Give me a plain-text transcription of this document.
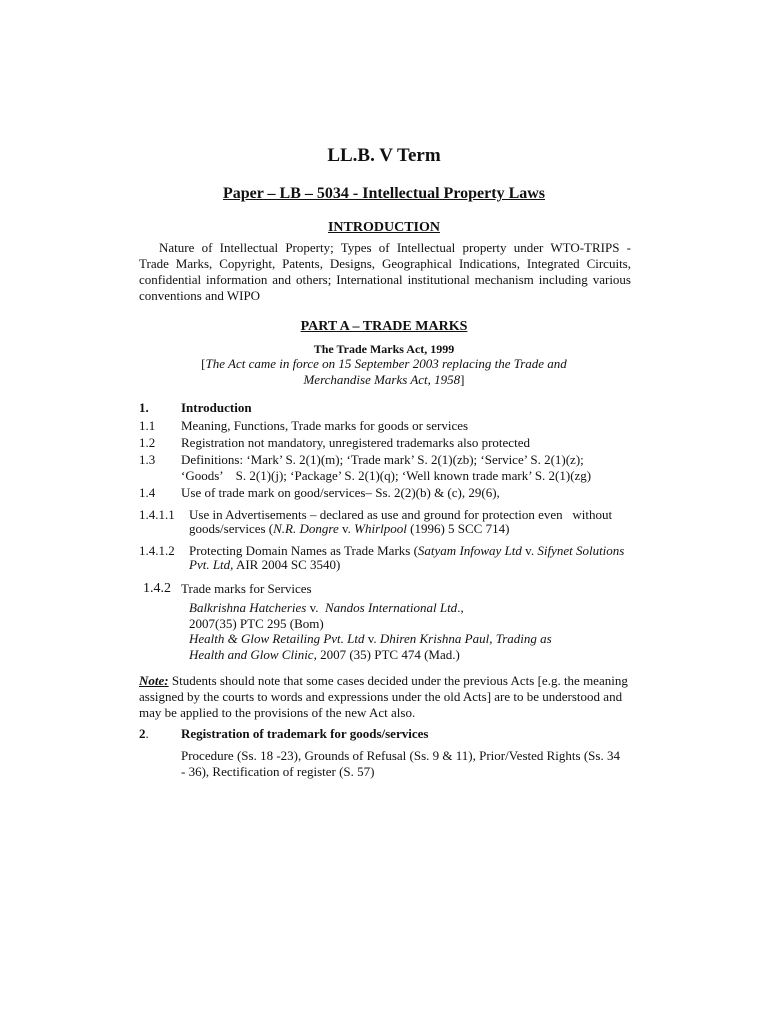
LL.B. V Term
Paper – LB – 5034 - Intellectual Property Laws
INTRODUCTION
Nature of Intellectual Property; Types of Intellectual property under WTO-TRIPS -
Trade Marks, Copyright, Patents, Designs, Geographical Indications, Integrated Circuits,
confidential information and others; International institutional mechanism including various
conventions and WIPO
PART A – TRADE MARKS
The Trade Marks Act, 1999
[The Act came in force on 15 September 2003 replacing the Trade and
Merchandise Marks Act, 1958]
1. Introduction
1.1 Meaning, Functions, Trade marks for goods or services
1.2 Registration not mandatory, unregistered trademarks also protected
1.3 Definitions: ‘Mark’ S. 2(1)(m); ‘Trade mark’ S. 2(1)(zb); ‘Service’ S. 2(1)(z);
‘Goods’    S. 2(1)(j); ‘Package’ S. 2(1)(q); ‘Well known trade mark’ S. 2(1)(zg)
1.4 Use of trade mark on good/services– Ss. 2(2)(b) & (c), 29(6),
1.4.1.1 Use in Advertisements – declared as use and ground for protection even   without
goods/services (N.R. Dongre v. Whirlpool (1996) 5 SCC 714)
1.4.1.2 Protecting Domain Names as Trade Marks (Satyam Infoway Ltd v. Sifynet Solutions
Pvt. Ltd, AIR 2004 SC 3540)
1.4.2 Trade marks for Services
Balkrishna Hatcheries v.  Nandos International Ltd.,
2007(35) PTC 295 (Bom)
Health & Glow Retailing Pvt. Ltd v. Dhiren Krishna Paul, Trading as
Health and Glow Clinic, 2007 (35) PTC 474 (Mad.)
Note: Students should note that some cases decided under the previous Acts [e.g. the meaning
assigned by the courts to words and expressions under the old Acts] are to be understood and
may be applied to the provisions of the new Act also.
2. Registration of trademark for goods/services
Procedure (Ss. 18 -23), Grounds of Refusal (Ss. 9 & 11), Prior/Vested Rights (Ss. 34
- 36), Rectification of register (S. 57)
